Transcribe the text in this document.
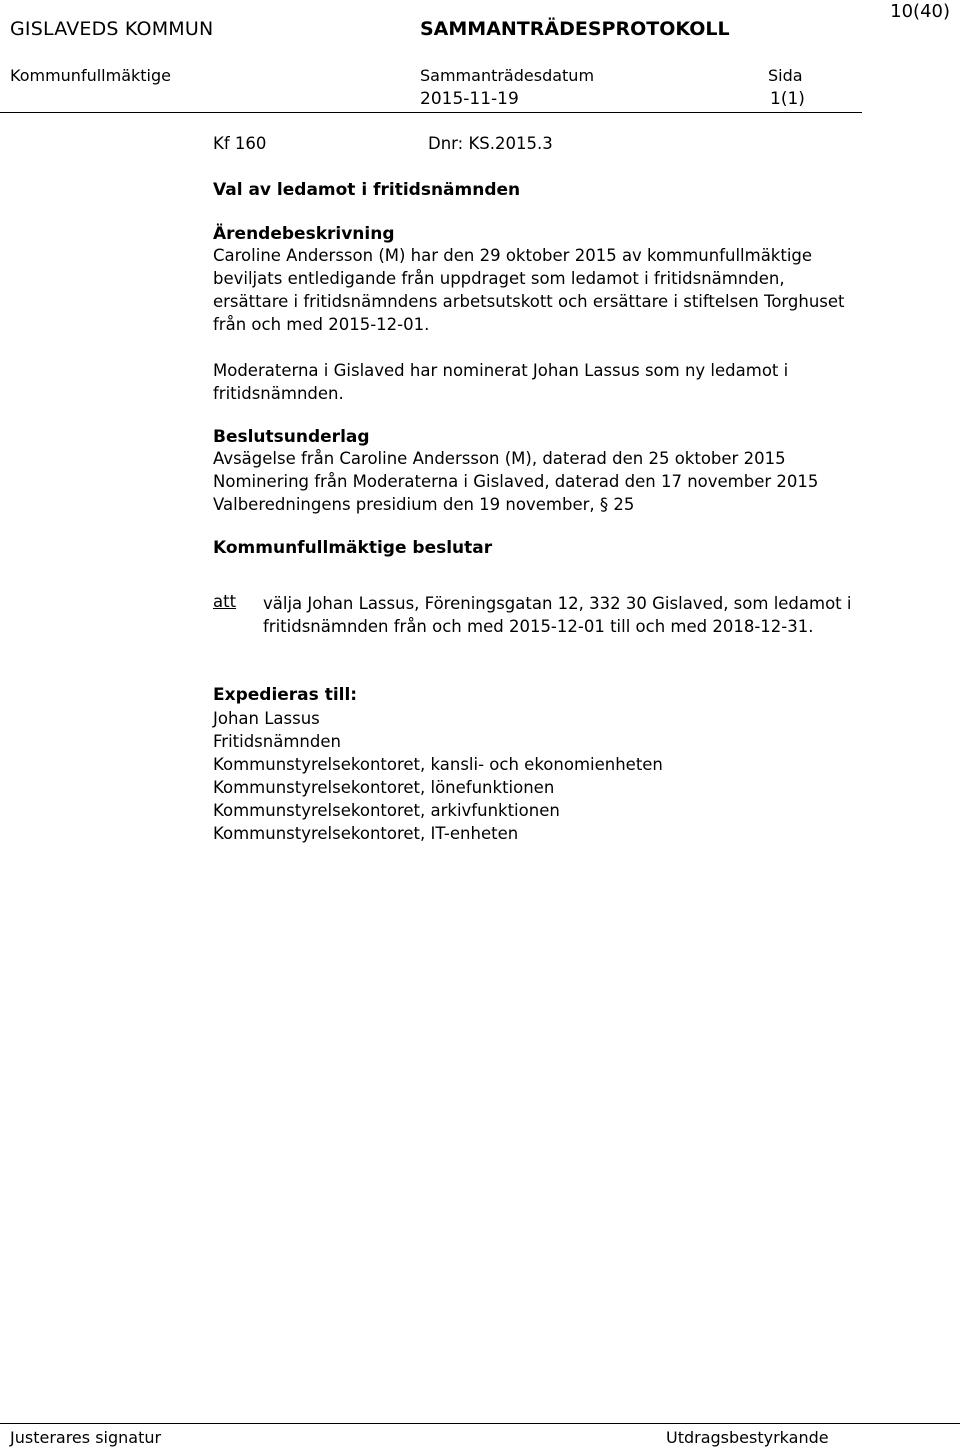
10(40)
GISLAVEDS KOMMUN	SAMMANTRÄDESPROTOKOLL
Kommunfullmäktige	Sammanträdesdatum	Sida
2015-11-19	1(1)
Kf 160	Dnr: KS.2015.3
Val av ledamot i fritidsnämnden
Ärendebeskrivning

Caroline Andersson (M) har den 29 oktober 2015 av kommunfullmäktige beviljats entledigande från uppdraget som ledamot i fritidsnämnden, ersättare i fritidsnämndens arbetsutskott och ersättare i stiftelsen Torghuset från och med 2015-12-01.

Moderaterna i Gislaved har nominerat Johan Lassus som ny ledamot i fritidsnämnden.

Beslutsunderlag
Avsägelse från Caroline Andersson (M), daterad den 25 oktober 2015
Nominering från Moderaterna i Gislaved, daterad den 17 november 2015
Valberedningens presidium den 19 november, § 25
Kommunfullmäktige beslutar
att välja Johan Lassus, Föreningsgatan 12, 332 30 Gislaved, som ledamot i fritidsnämnden från och med 2015-12-01 till och med 2018-12-31.
Expedieras till:
Johan Lassus
Fritidsnämnden
Kommunstyrelsekontoret, kansli- och ekonomienheten
Kommunstyrelsekontoret, lönefunktionen
Kommunstyrelsekontoret, arkivfunktionen
Kommunstyrelsekontoret, IT-enheten
Justerares signatur	Utdragsbestyrkande
